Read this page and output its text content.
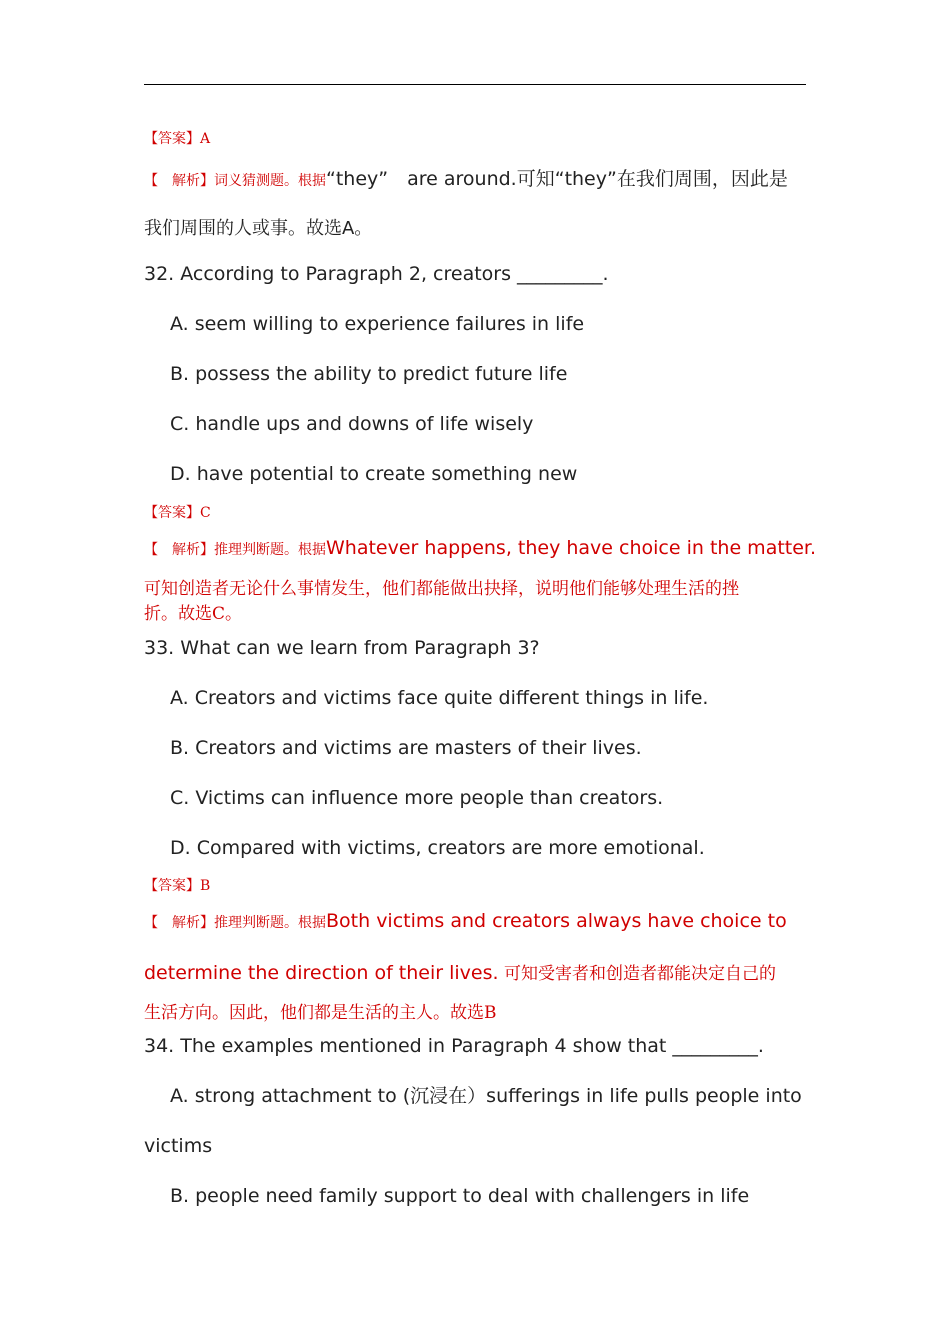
【答案】A
【　解析】词义猜测题。根据“they”　are around.可知“they”在我们周围，因此是
我们周围的人或事。故选A。
32. According to Paragraph 2, creators _________.
A. seem willing to experience failures in life
B. possess the ability to predict future life
C. handle ups and downs of life wisely
D. have potential to create something new
【答案】C
【　解析】推理判断题。根据Whatever happens, they have choice in the matter.
可知创造者无论什么事情发生，他们都能做出抉择，说明他们能够处理生活的挫
折。故选C。
33. What can we learn from Paragraph 3?
A. Creators and victims face quite different things in life.
B. Creators and victims are masters of their lives.
C. Victims can influence more people than creators.
D. Compared with victims, creators are more emotional.
【答案】B
【　解析】推理判断题。根据Both victims and creators always have choice to
determine the direction of their lives. 可知受害者和创造者都能决定自己的
生活方向。因此，他们都是生活的主人。故选B
34. The examples mentioned in Paragraph 4 show that _________.
A. strong attachment to (沉浸在）sufferings in life pulls people into
victims
B. people need family support to deal with challengers in life
